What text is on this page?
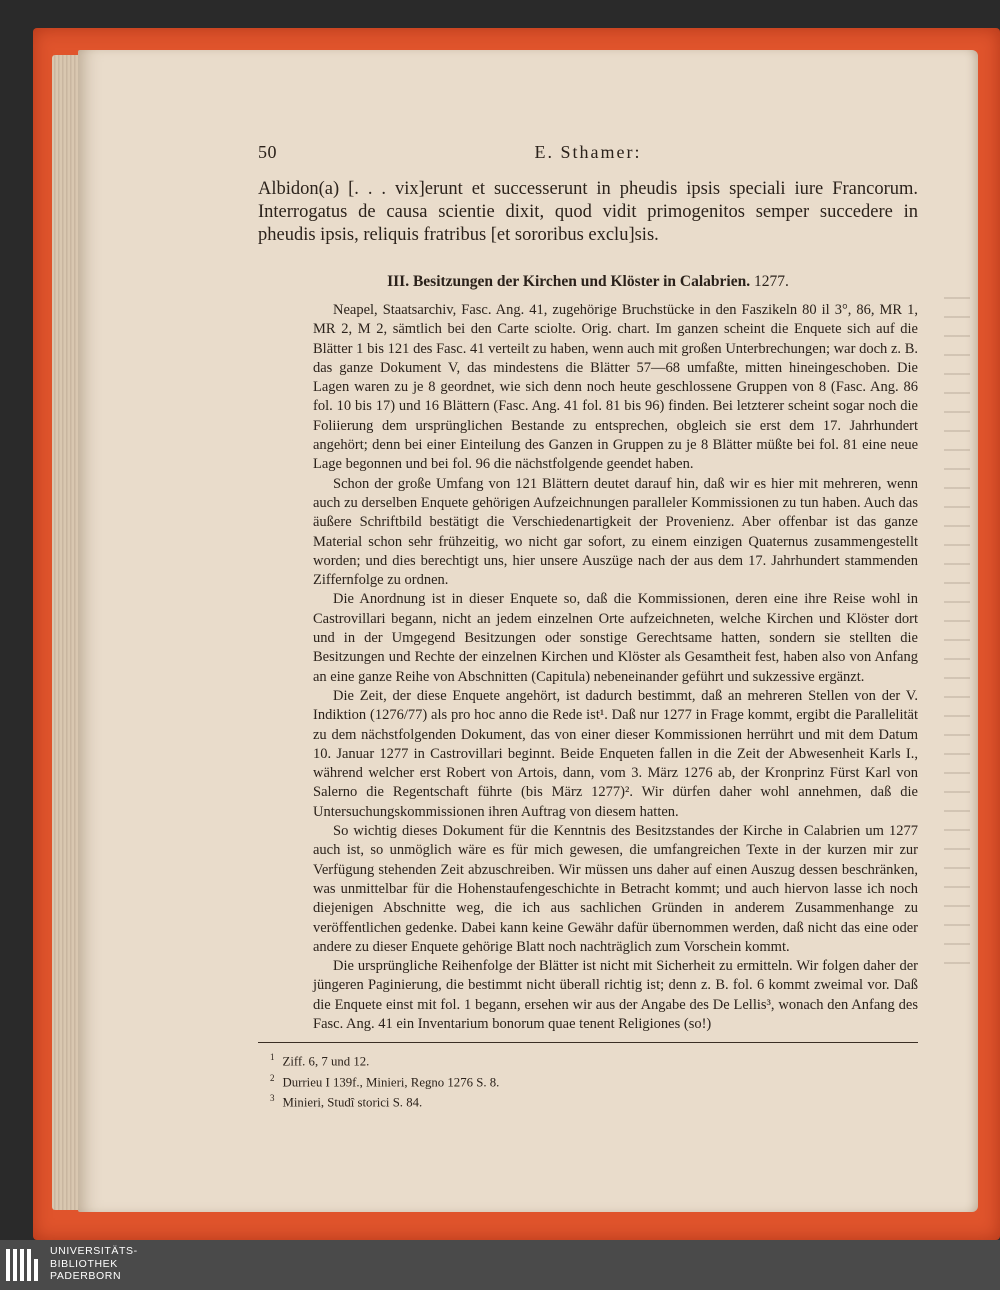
50	E. Sthamer:
Albidon(a) [. . . vix]erunt et successerunt in pheudis ipsis speciali iure Francorum. Interrogatus de causa scientie dixit, quod vidit primogenitos semper succedere in pheudis ipsis, reliquis fratribus [et sororibus exclu]sis.
III. Besitzungen der Kirchen und Klöster in Calabrien. 1277.

Neapel, Staatsarchiv, Fasc. Ang. 41, zugehörige Bruchstücke in den Faszikeln 80 il 3°, 86, MR 1, MR 2, M 2, sämtlich bei den Carte sciolte. Orig. chart. Im ganzen scheint die Enquete sich auf die Blätter 1 bis 121 des Fasc. 41 verteilt zu haben, wenn auch mit großen Unterbrechungen; war doch z. B. das ganze Dokument V, das mindestens die Blätter 57—68 umfaßte, mitten hineingeschoben. Die Lagen waren zu je 8 geordnet, wie sich denn noch heute geschlossene Gruppen von 8 (Fasc. Ang. 86 fol. 10 bis 17) und 16 Blättern (Fasc. Ang. 41 fol. 81 bis 96) finden. Bei letzterer scheint sogar noch die Foliierung dem ursprünglichen Bestande zu entsprechen, obgleich sie erst dem 17. Jahrhundert angehört; denn bei einer Einteilung des Ganzen in Gruppen zu je 8 Blätter müßte bei fol. 81 eine neue Lage begonnen und bei fol. 96 die nächstfolgende geendet haben.

Schon der große Umfang von 121 Blättern deutet darauf hin, daß wir es hier mit mehreren, wenn auch zu derselben Enquete gehörigen Aufzeichnungen paralleler Kommissionen zu tun haben. Auch das äußere Schriftbild bestätigt die Verschiedenartigkeit der Provenienz. Aber offenbar ist das ganze Material schon sehr frühzeitig, wo nicht gar sofort, zu einem einzigen Quaternus zusammengestellt worden; und dies berechtigt uns, hier unsere Auszüge nach der aus dem 17. Jahrhundert stammenden Ziffernfolge zu ordnen.

Die Anordnung ist in dieser Enquete so, daß die Kommissionen, deren eine ihre Reise wohl in Castrovillari begann, nicht an jedem einzelnen Orte aufzeichneten, welche Kirchen und Klöster dort und in der Umgegend Besitzungen oder sonstige Gerechtsame hatten, sondern sie stellten die Besitzungen und Rechte der einzelnen Kirchen und Klöster als Gesamtheit fest, haben also von Anfang an eine ganze Reihe von Abschnitten (Capitula) nebeneinander geführt und sukzessive ergänzt.

Die Zeit, der diese Enquete angehört, ist dadurch bestimmt, daß an mehreren Stellen von der V. Indiktion (1276/77) als pro hoc anno die Rede ist¹. Daß nur 1277 in Frage kommt, ergibt die Parallelität zu dem nächstfolgenden Dokument, das von einer dieser Kommissionen herrührt und mit dem Datum 10. Januar 1277 in Castrovillari beginnt. Beide Enqueten fallen in die Zeit der Abwesenheit Karls I., während welcher erst Robert von Artois, dann, vom 3. März 1276 ab, der Kronprinz Fürst Karl von Salerno die Regentschaft führte (bis März 1277)². Wir dürfen daher wohl annehmen, daß die Untersuchungskommissionen ihren Auftrag von diesem hatten.

So wichtig dieses Dokument für die Kenntnis des Besitzstandes der Kirche in Calabrien um 1277 auch ist, so unmöglich wäre es für mich gewesen, die umfangreichen Texte in der kurzen mir zur Verfügung stehenden Zeit abzuschreiben. Wir müssen uns daher auf einen Auszug dessen beschränken, was unmittelbar für die Hohenstaufengeschichte in Betracht kommt; und auch hiervon lasse ich noch diejenigen Abschnitte weg, die ich aus sachlichen Gründen in anderem Zusammenhange zu veröffentlichen gedenke. Dabei kann keine Gewähr dafür übernommen werden, daß nicht das eine oder andere zu dieser Enquete gehörige Blatt noch nachträglich zum Vorschein kommt.

Die ursprüngliche Reihenfolge der Blätter ist nicht mit Sicherheit zu ermitteln. Wir folgen daher der jüngeren Paginierung, die bestimmt nicht überall richtig ist; denn z. B. fol. 6 kommt zweimal vor. Daß die Enquete einst mit fol. 1 begann, ersehen wir aus der Angabe des De Lellis³, wonach den Anfang des Fasc. Ang. 41 ein Inventarium bonorum quae tenent Religiones (so!)

$^1$ Ziff. 6, 7 und 12.
$^2$ Durrieu I 139f., Minieri, Regno 1276 S. 8.
$^3$ Minieri, Studî storici S. 84.
UNIVERSITÄTS-
BIBLIOTHEK
PADERBORN
